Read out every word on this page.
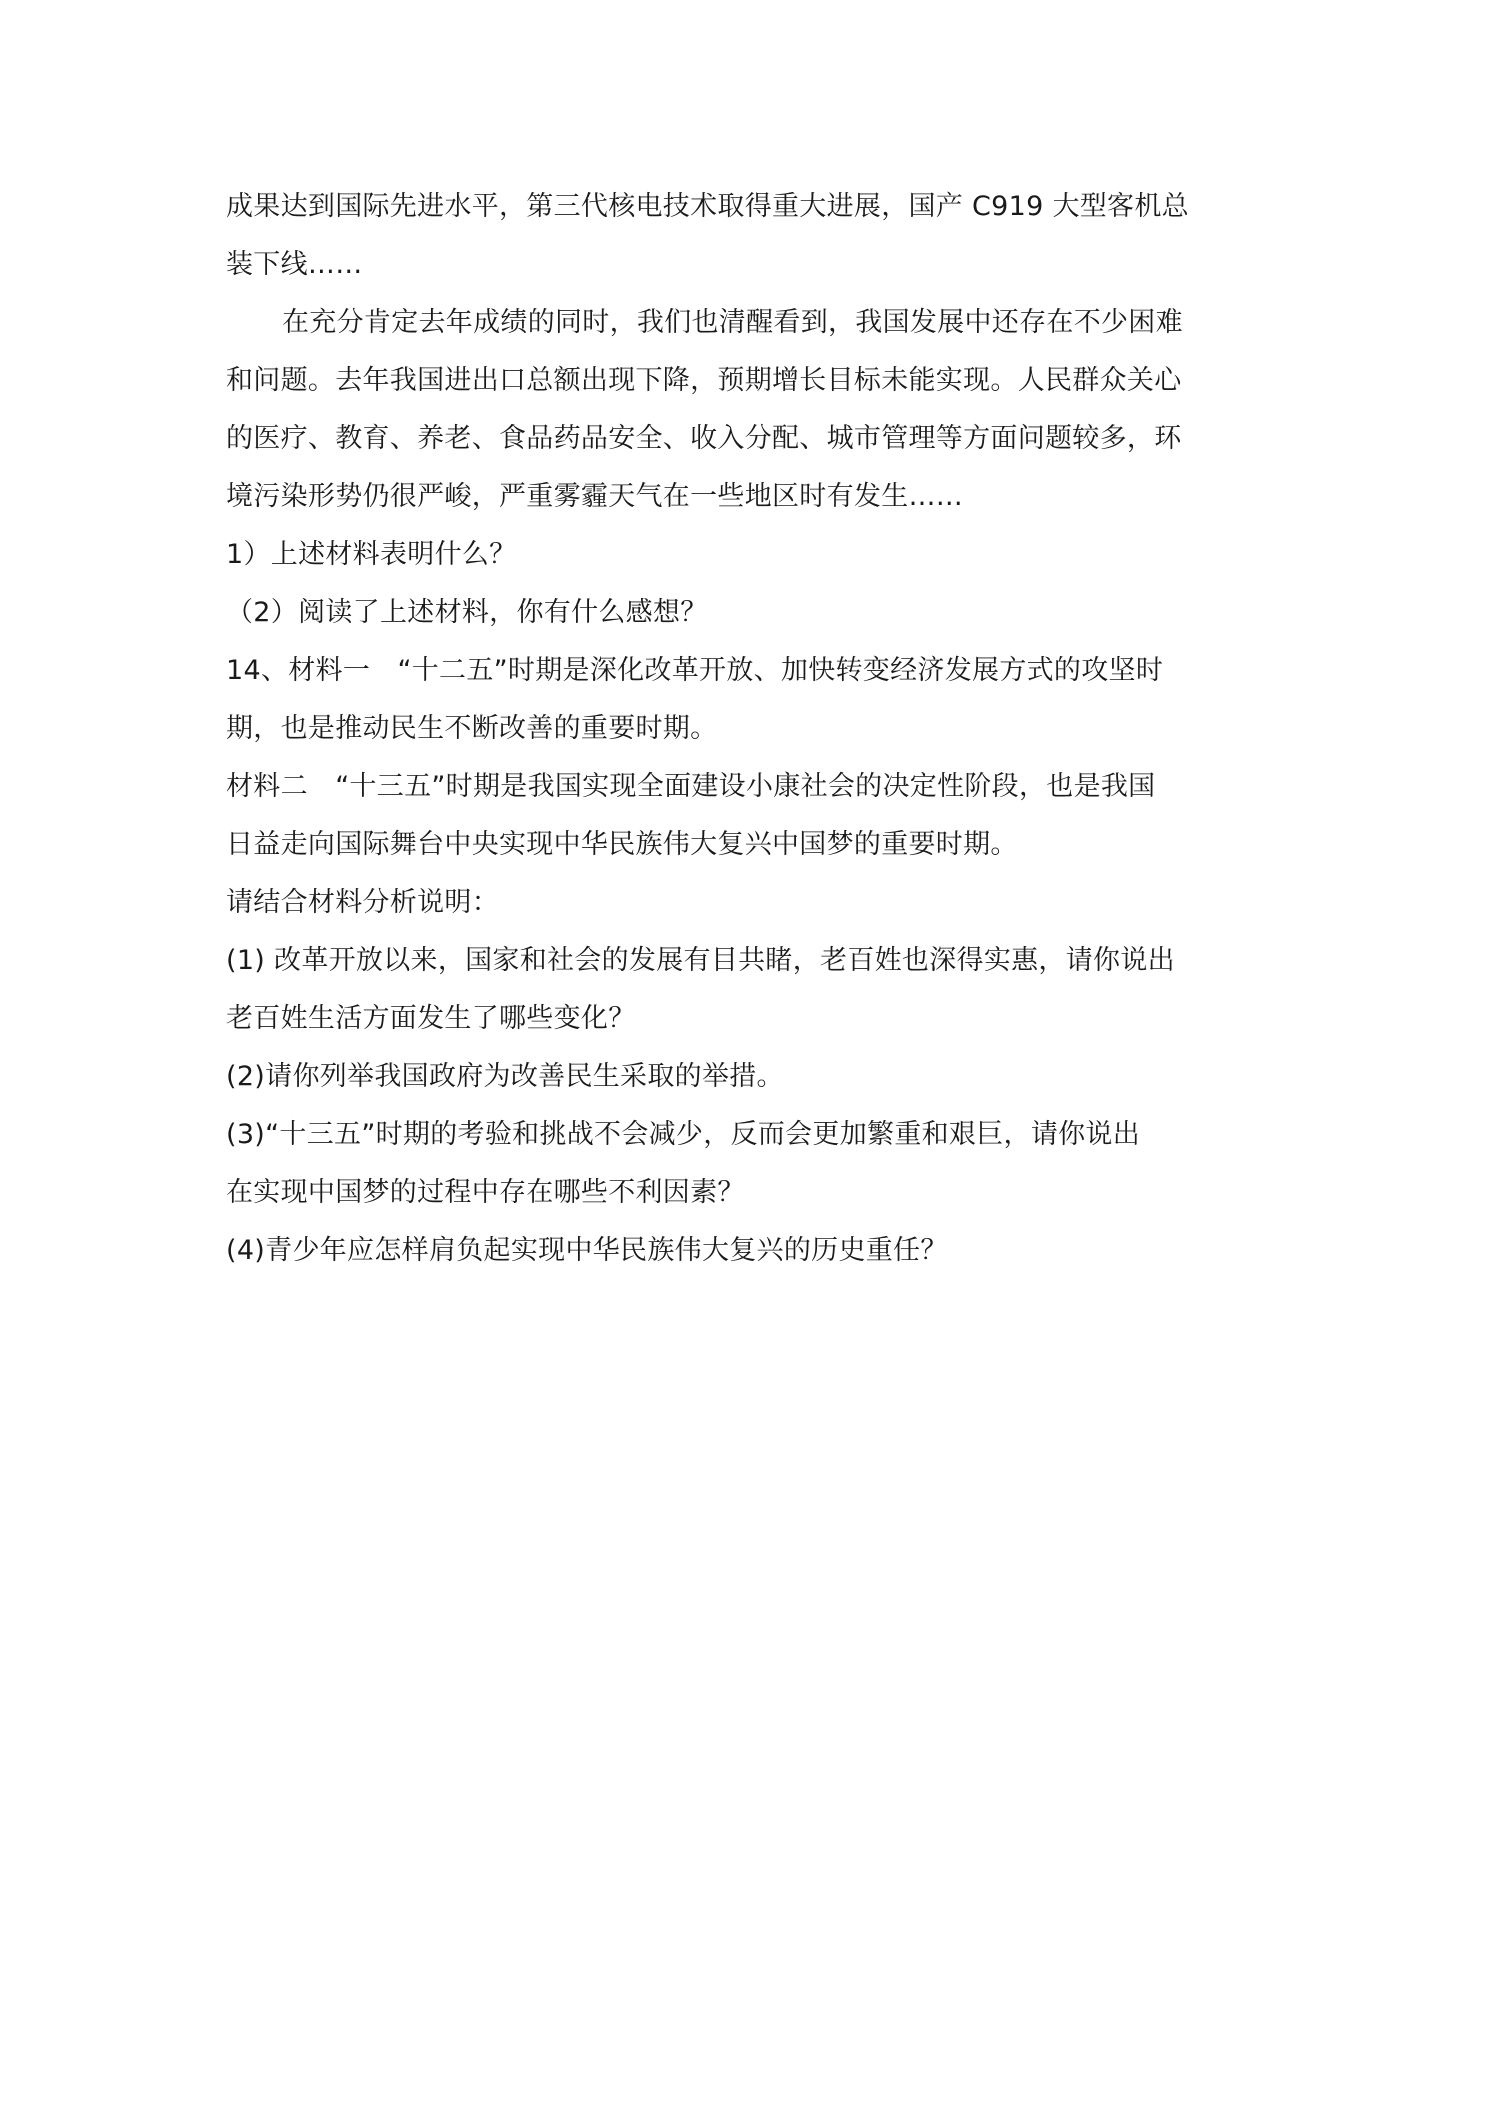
成果达到国际先进水平，第三代核电技术取得重大进展，国产 C919 大型客机总
装下线……
在充分肯定去年成绩的同时，我们也清醒看到，我国发展中还存在不少困难
和问题。去年我国进出口总额出现下降，预期增长目标未能实现。人民群众关心
的医疗、教育、养老、食品药品安全、收入分配、城市管理等方面问题较多，环
境污染形势仍很严峻，严重雾霾天气在一些地区时有发生……
1）上述材料表明什么？
（2）阅读了上述材料，你有什么感想？
14、材料一　“十二五”时期是深化改革开放、加快转变经济发展方式的攻坚时
期，也是推动民生不断改善的重要时期。
材料二　“十三五”时期是我国实现全面建设小康社会的决定性阶段，也是我国
日益走向国际舞台中央实现中华民族伟大复兴中国梦的重要时期。
请结合材料分析说明：
(1) 改革开放以来，国家和社会的发展有目共睹，老百姓也深得实惠，请你说出
老百姓生活方面发生了哪些变化？
(2)请你列举我国政府为改善民生采取的举措。
(3)“十三五”时期的考验和挑战不会减少，反而会更加繁重和艰巨，请你说出
在实现中国梦的过程中存在哪些不利因素？
(4)青少年应怎样肩负起实现中华民族伟大复兴的历史重任？
